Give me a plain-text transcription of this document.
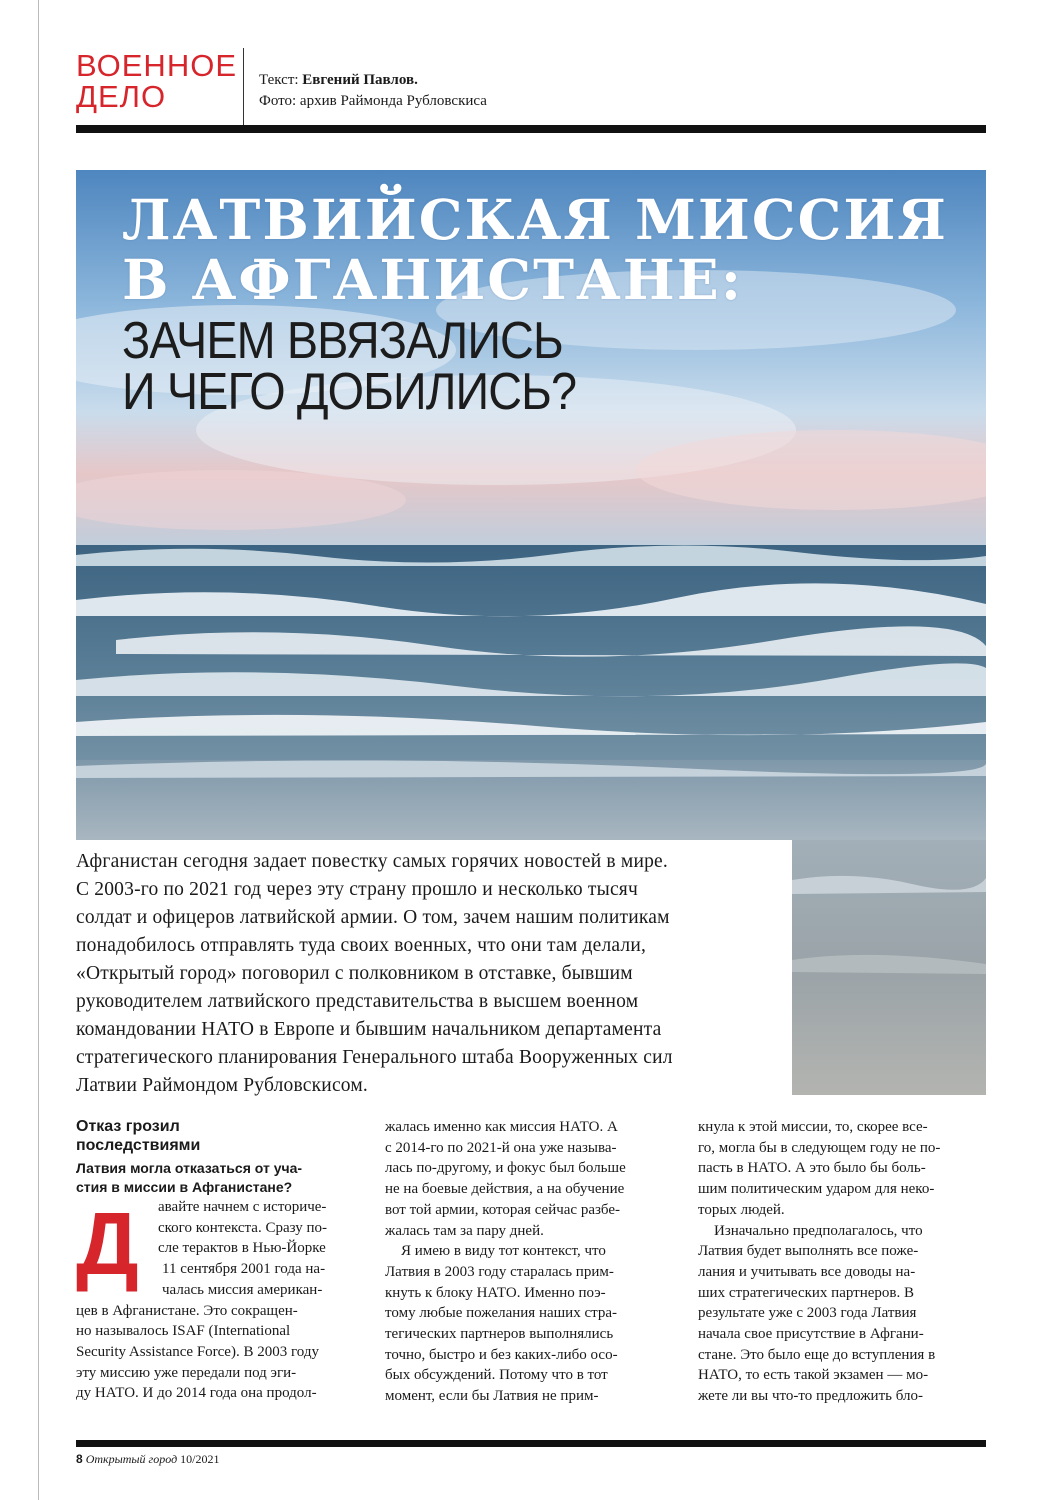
ВОЕННОЕ
ДЕЛО	Текст: Евгений Павлов.
Фото: архив Раймонда Рубловскиса
ЛАТВИЙСКАЯ МИССИЯ
В АФГАНИСТАНЕ:
ЗАЧЕМ ВВЯЗАЛИСЬ
И ЧЕГО ДОБИЛИСЬ?
Афганистан сегодня задает повестку самых горячих новостей в мире.
С 2003-го по 2021 год через эту страну прошло и несколько тысяч
солдат и офицеров латвийской армии. О том, зачем нашим политикам
понадобилось отправлять туда своих военных, что они там делали,
«Открытый город» поговорил с полковником в отставке, бывшим
руководителем латвийского представительства в высшем военном
командовании НАТО в Европе и бывшим начальником департамента
стратегического планирования Генерального штаба Вооруженных сил
Латвии Раймондом Рубловскисом.
Д
Отказ грозил
последствиями
Латвия могла отказаться от уча-
стия в миссии в Афганистане?
авайте начнем с историче-
ского контекста. Сразу по-
сле терактов в Нью-Йорке
11 сентября 2001 года на-
чалась миссия американ-
цев в Афганистане. Это сокращен-
но называлось ISAF (International
Security Assistance Force). В 2003 году
эту миссию уже передали под эги-
ду НАТО. И до 2014 года она продол-
жалась именно как миссия НАТО. А
с 2014-го по 2021-й она уже называ-
лась по-другому, и фокус был больше
не на боевые действия, а на обучение
вот той армии, которая сейчас разбе-
жалась там за пару дней.
Я имею в виду тот контекст, что
Латвия в 2003 году старалась прим-
кнуть к блоку НАТО. Именно поэ-
тому любые пожелания наших стра-
тегических партнеров выполнялись
точно, быстро и без каких-либо осо-
бых обсуждений. Потому что в тот
момент, если бы Латвия не прим-
кнула к этой миссии, то, скорее все-
го, могла бы в следующем году не по-
пасть в НАТО. А это было бы боль-
шим политическим ударом для неко-
торых людей.
Изначально предполагалось, что
Латвия будет выполнять все поже-
лания и учитывать все доводы на-
ших стратегических партнеров. В
результате уже с 2003 года Латвия
начала свое присутствие в Афгани-
стане. Это было еще до вступления в
НАТО, то есть такой экзамен — мо-
жете ли вы что-то предложить бло-
8 Открытый город 10/2021
